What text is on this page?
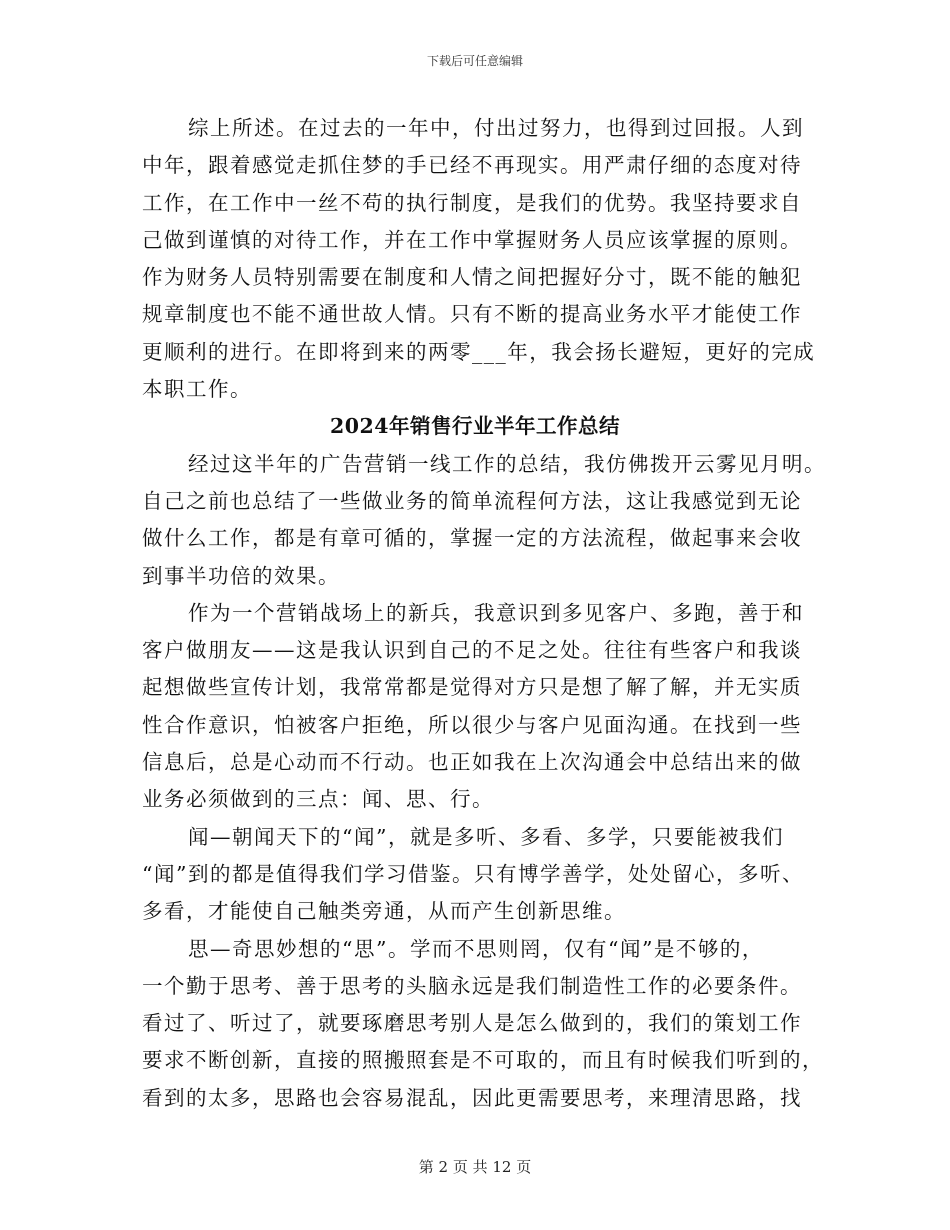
下载后可任意编辑
综上所述。在过去的一年中，付出过努力，也得到过回报。人到
中年，跟着感觉走抓住梦的手已经不再现实。用严肃仔细的态度对待
工作，在工作中一丝不苟的执行制度，是我们的优势。我坚持要求自
己做到谨慎的对待工作，并在工作中掌握财务人员应该掌握的原则。
作为财务人员特别需要在制度和人情之间把握好分寸，既不能的触犯
规章制度也不能不通世故人情。只有不断的提高业务水平才能使工作
更顺利的进行。在即将到来的两零___年，我会扬长避短，更好的完成
本职工作。
2024年销售行业半年工作总结
经过这半年的广告营销一线工作的总结，我仿佛拨开云雾见月明。
自己之前也总结了一些做业务的简单流程何方法，这让我感觉到无论
做什么工作，都是有章可循的，掌握一定的方法流程，做起事来会收
到事半功倍的效果。
作为一个营销战场上的新兵，我意识到多见客户、多跑，善于和
客户做朋友——这是我认识到自己的不足之处。往往有些客户和我谈
起想做些宣传计划，我常常都是觉得对方只是想了解了解，并无实质
性合作意识，怕被客户拒绝，所以很少与客户见面沟通。在找到一些
信息后，总是心动而不行动。也正如我在上次沟通会中总结出来的做
业务必须做到的三点：闻、思、行。
闻—朝闻天下的“闻”，就是多听、多看、多学，只要能被我们
“闻”到的都是值得我们学习借鉴。只有博学善学，处处留心，多听、
多看，才能使自己触类旁通，从而产生创新思维。
思—奇思妙想的“思”。学而不思则罔，仅有“闻”是不够的，
一个勤于思考、善于思考的头脑永远是我们制造性工作的必要条件。
看过了、听过了，就要琢磨思考别人是怎么做到的，我们的策划工作
要求不断创新，直接的照搬照套是不可取的，而且有时候我们听到的，
看到的太多，思路也会容易混乱，因此更需要思考，来理清思路，找
第 2 页 共 12 页
